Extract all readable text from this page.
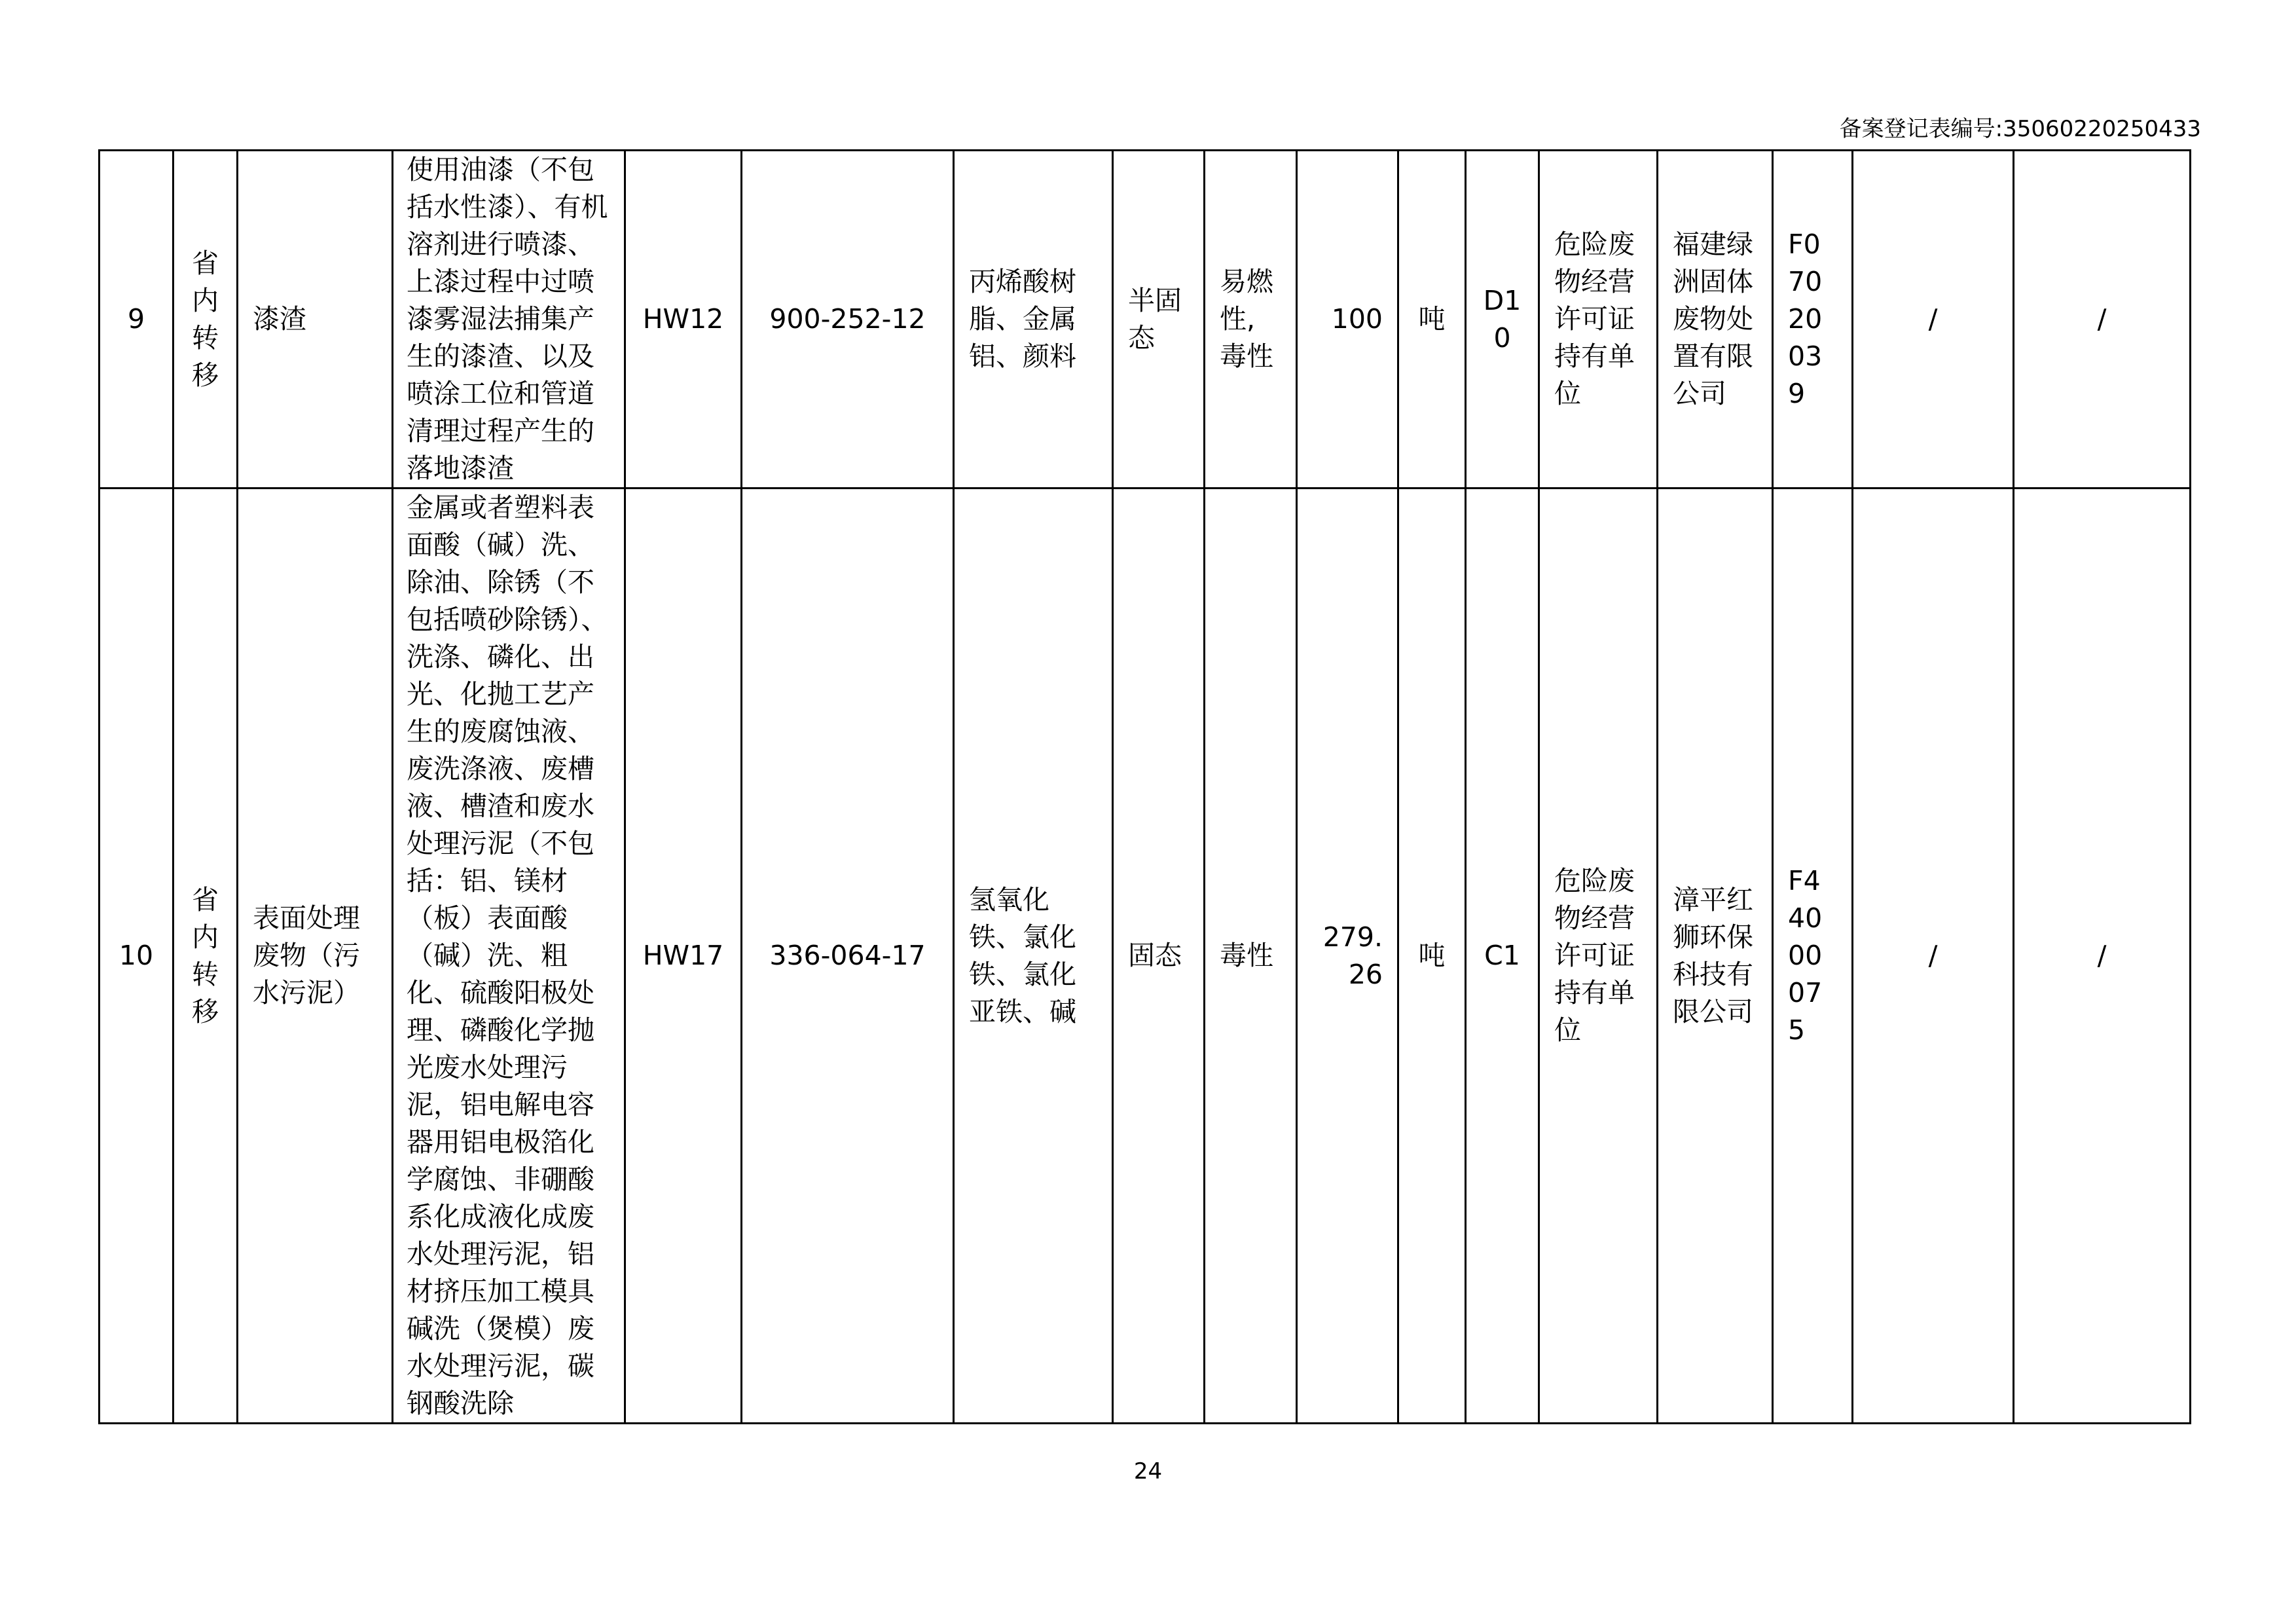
备案登记表编号:35060220250433
9	省内转移	漆渣	使用油漆（不包括水性漆）、有机溶剂进行喷漆、上漆过程中过喷漆雾湿法捕集产生的漆渣、以及喷涂工位和管道清理过程产生的落地漆渣	HW12	900-252-12	丙烯酸树脂、金属铝、颜料	半固态	易燃性,毒性	100	吨	D10	危险废物经营许可证持有单位	福建绿洲固体废物处置有限公司	F07020039	/	/
10	省内转移	表面处理废物（污水污泥）	金属或者塑料表面酸（碱）洗、除油、除锈（不包括喷砂除锈）、洗涤、磷化、出光、化抛工艺产生的废腐蚀液、废洗涤液、废槽液、槽渣和废水处理污泥（不包括：铝、镁材（板）表面酸（碱）洗、粗化、硫酸阳极处理、磷酸化学抛光废水处理污泥，铝电解电容器用铝电极箔化学腐蚀、非硼酸系化成液化成废水处理污泥，铝材挤压加工模具碱洗（煲模）废水处理污泥，碳钢酸洗除	HW17	336-064-17	氢氧化铁、氯化铁、氯化亚铁、碱	固态	毒性	279.26	吨	C1	危险废物经营许可证持有单位	漳平红狮环保科技有限公司	F44000075	/	/
24
